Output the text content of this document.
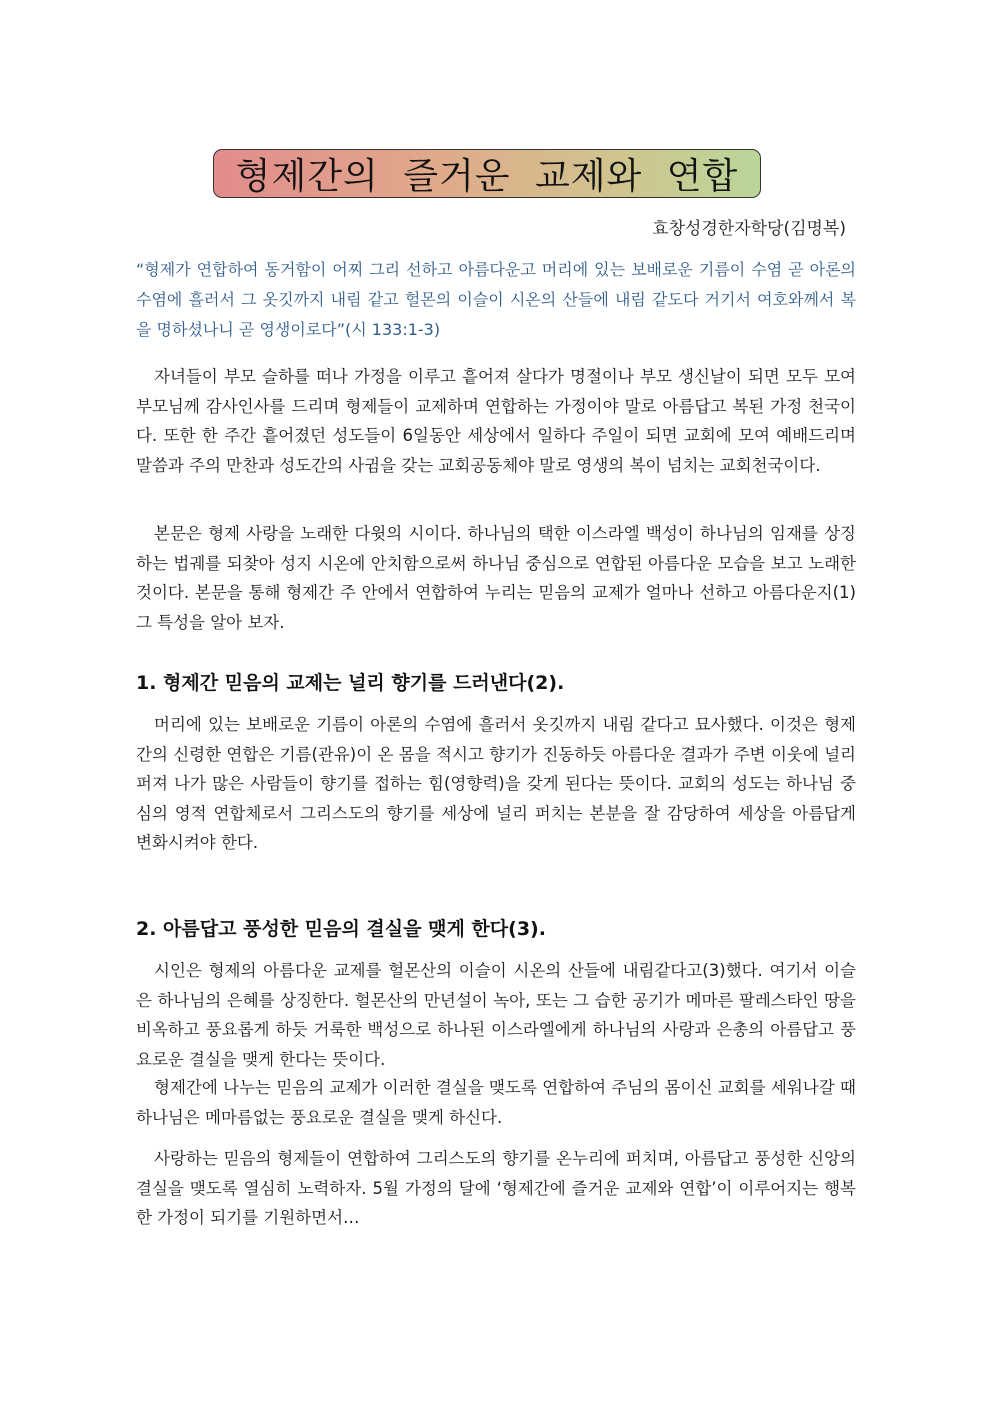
형제간의 즐거운 교제와 연합
효창성경한자학당(김명복)

“형제가 연합하여 동거함이 어찌 그리 선하고 아름다운고 머리에 있는 보배로운 기름이 수염 곧 아론의 수염에 흘러서 그 옷깃까지 내림 같고 헐몬의 이슬이 시온의 산들에 내림 같도다 거기서 여호와께서 복을 명하셨나니 곧 영생이로다”(시 133:1-3)

자녀들이 부모 슬하를 떠나 가정을 이루고 흩어져 살다가 명절이나 부모 생신날이 되면 모두 모여 부모님께 감사인사를 드리며 형제들이 교제하며 연합하는 가정이야 말로 아름답고 복된 가정 천국이다. 또한 한 주간 흩어졌던 성도들이 6일동안 세상에서 일하다 주일이 되면 교회에 모여 예배드리며 말씀과 주의 만찬과 성도간의 사귐을 갖는 교회공동체야 말로 영생의 복이 넘치는 교회천국이다.

본문은 형제 사랑을 노래한 다윗의 시이다. 하나님의 택한 이스라엘 백성이 하나님의 임재를 상징하는 법궤를 되찾아 성지 시온에 안치함으로써 하나님 중심으로 연합된 아름다운 모습을 보고 노래한 것이다. 본문을 통해 형제간 주 안에서 연합하여 누리는 믿음의 교제가 얼마나 선하고 아름다운지(1) 그 특성을 알아 보자.

1. 형제간 믿음의 교제는 널리 향기를 드러낸다(2).

머리에 있는 보배로운 기름이 아론의 수염에 흘러서 옷깃까지 내림 같다고 묘사했다. 이것은 형제간의 신령한 연합은 기름(관유)이 온 몸을 적시고 향기가 진동하듯 아름다운 결과가 주변 이웃에 널리 퍼져 나가 많은 사람들이 향기를 접하는 힘(영향력)을 갖게 된다는 뜻이다. 교회의 성도는 하나님 중심의 영적 연합체로서 그리스도의 향기를 세상에 널리 퍼치는 본분을 잘 감당하여 세상을 아름답게 변화시켜야 한다.

2. 아름답고 풍성한 믿음의 결실을 맺게 한다(3).

시인은 형제의 아름다운 교제를 헐몬산의 이슬이 시온의 산들에 내림같다고(3)했다. 여기서 이슬은 하나님의 은혜를 상징한다. 헐몬산의 만년설이 녹아, 또는 그 습한 공기가 메마른 팔레스타인 땅을 비옥하고 풍요롭게 하듯 거룩한 백성으로 하나된 이스라엘에게 하나님의 사랑과 은총의 아름답고 풍요로운 결실을 맺게 한다는 뜻이다.

형제간에 나누는 믿음의 교제가 이러한 결실을 맺도록 연합하여 주님의 몸이신 교회를 세워나갈 때 하나님은 메마름없는 풍요로운 결실을 맺게 하신다.

사랑하는 믿음의 형제들이 연합하여 그리스도의 향기를 온누리에 퍼치며, 아름답고 풍성한 신앙의 결실을 맺도록 열심히 노력하자. 5월 가정의 달에 ‘형제간에 즐거운 교제와 연합’이 이루어지는 행복한 가정이 되기를 기원하면서…
